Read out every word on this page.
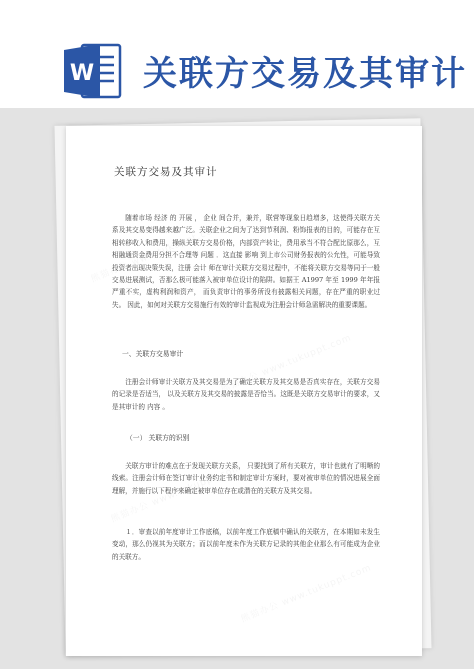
W 关联方交易及其审计
关联方交易及其审计

随着市场 经济 的 开展 ， 企业 间合并，兼并，联营等现象日趋增多，这使得关联方关系及其交易变得越来越广泛。关联企业之间为了达到节利润、粉饰报表的目的，可能存在互相转移收入和费用，操纵关联方交易价格，内部资产转让，费用承当不符合配比原那么，互相融通资金费用分担不合理等 问题 ．这直接 影响 到上市公司财务报表的公允性，可能导致投资者出现决策失误，注册 会计 师在审计关联方交易过程中，不能将关联方交易等同于一般交易进展测试，否那么极可能落入被审单位设计的陷阱。如据王 A1997 年至 1999 年年报严重不实，虚构利润和资产， 而负责审计的事务所没有披露相关问题，存在严重的职业过失。 因此，如何对关联方交易施行有效的审计监视成为注册会计师急需解决的重要课题。

一、关联方交易审计

注册会计师审计关联方及其交易是为了确定关联方及其交易是否真实存在，关联方交易的记录是否适当， 以及关联方及其交易的披露是否恰当。这既是关联方交易审计的要求，又是其审计的 内容 。

（一） 关联方的识别

关联方审计的难点在于发现关联方关系， 只要找到了所有关联方，审计也就有了明晰的线索。注册会计师在签订审计业务约定书和制定审计方案时，要对被审单位的情况进展全面理解，并施行以下程序来确定被审单位存在或潜在的关联方及其交易。

１．审查以前年度审计工作底稿，以前年度工作底稿中确认的关联方，在本期如未发生变动，那么仍视其为关联方；而以前年度未作为关联方记录的其他企业那么有可能成为企业的关联方。
